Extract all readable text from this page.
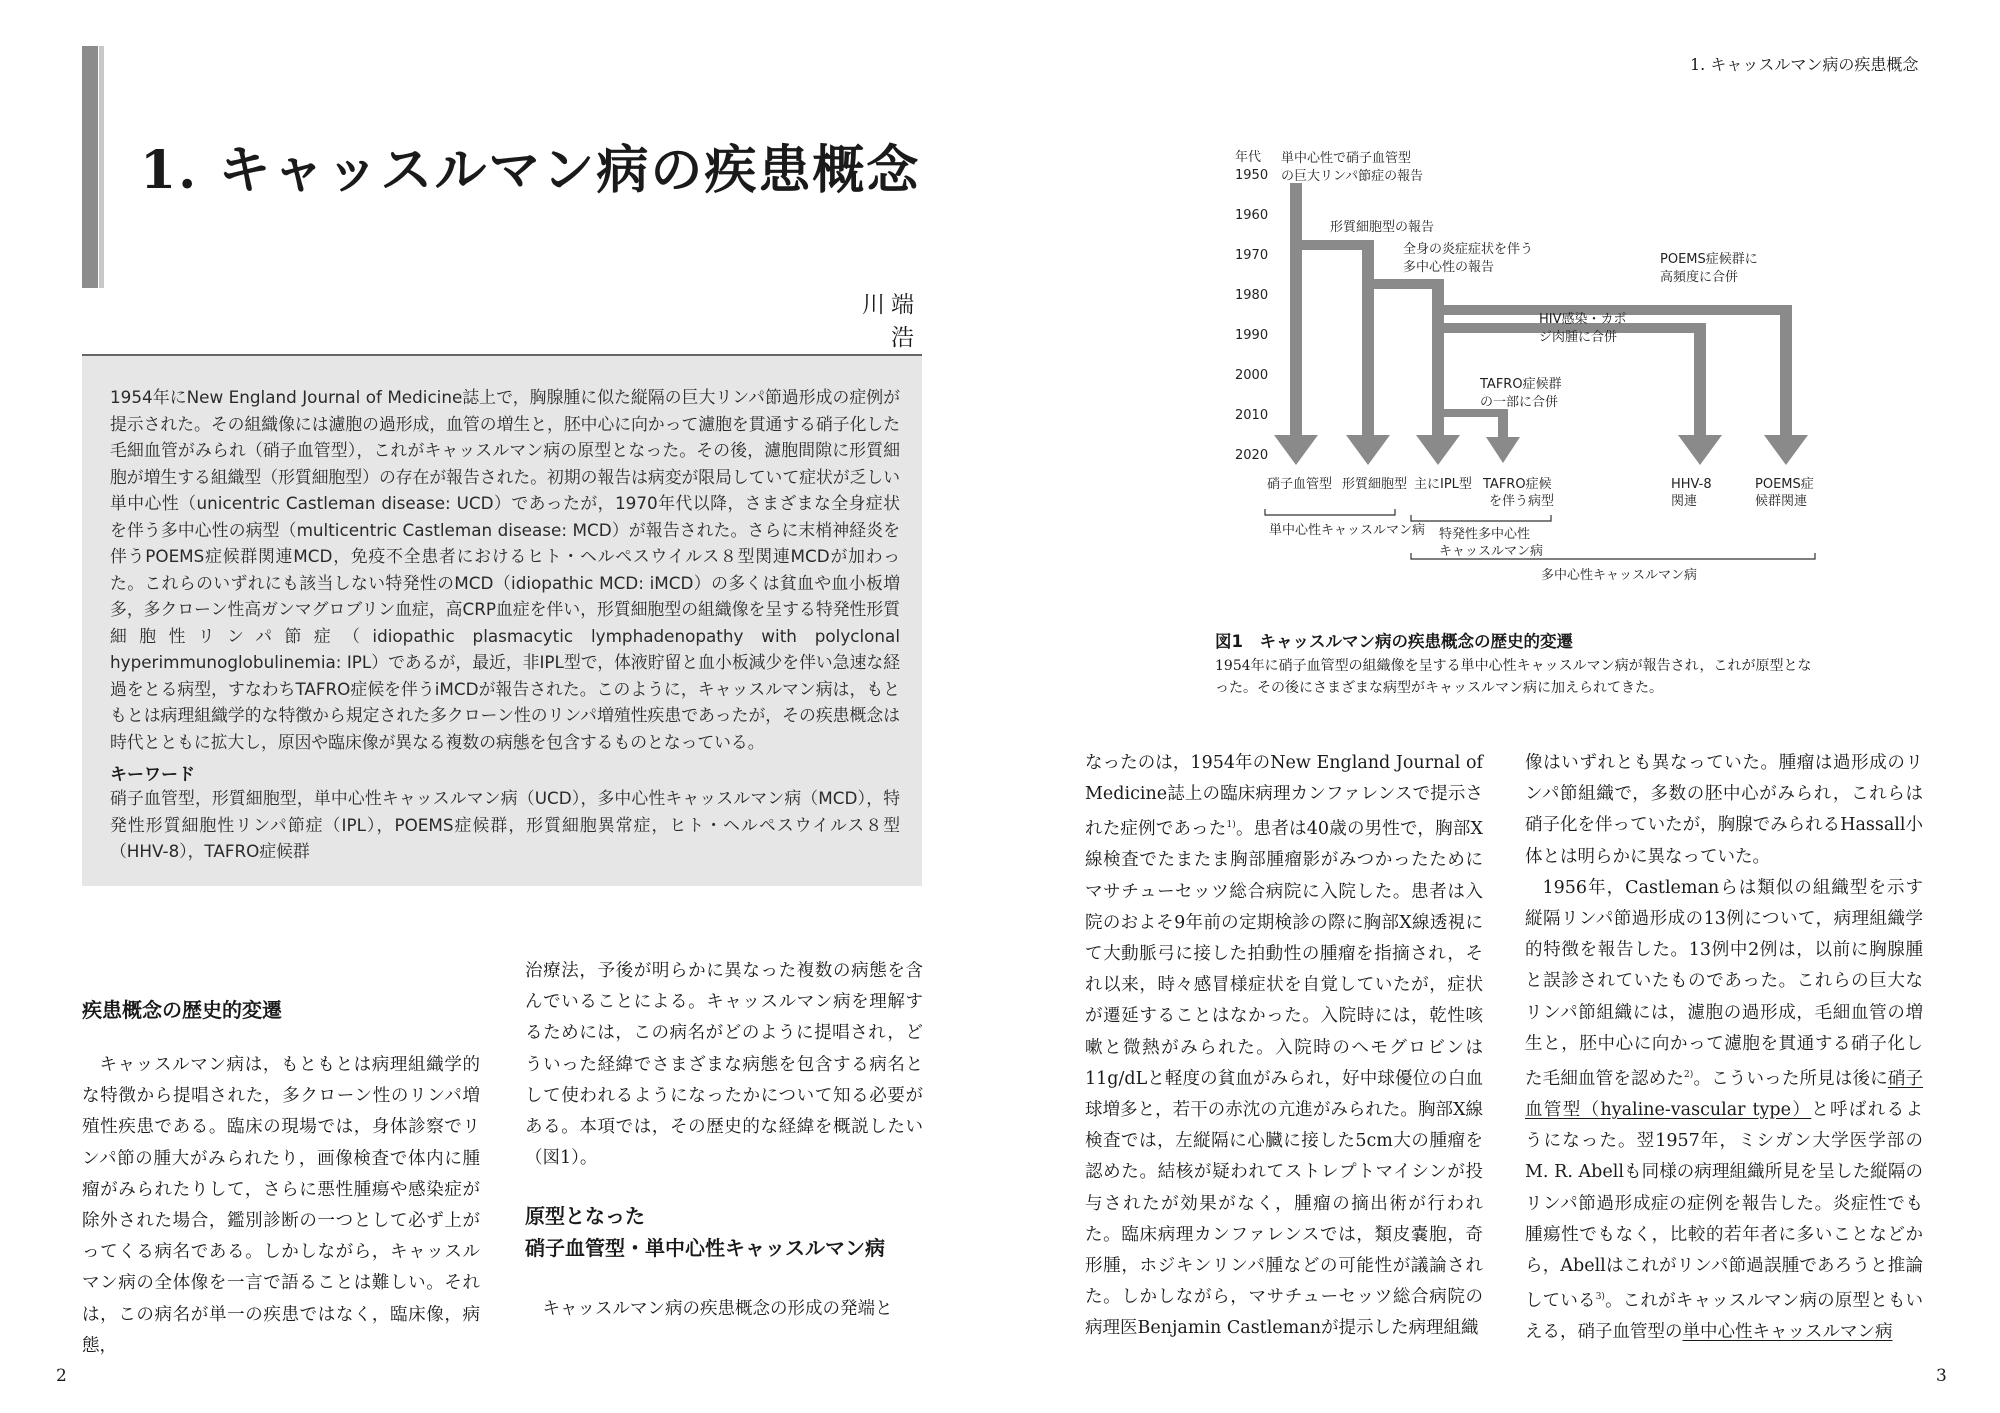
1. キャッスルマン病の疾患概念
川端 浩
1954年にNew England Journal of Medicine誌上で，胸腺腫に似た縦隔の巨大リンパ節過形成の症例が提示された。その組織像には濾胞の過形成，血管の増生と，胚中心に向かって濾胞を貫通する硝子化した毛細血管がみられ（硝子血管型），これがキャッスルマン病の原型となった。その後，濾胞間隙に形質細胞が増生する組織型（形質細胞型）の存在が報告された。初期の報告は病変が限局していて症状が乏しい単中心性（unicentric Castleman disease: UCD）であったが，1970年代以降，さまざまな全身症状を伴う多中心性の病型（multicentric Castleman disease: MCD）が報告された。さらに末梢神経炎を伴うPOEMS症候群関連MCD，免疫不全患者におけるヒト・ヘルペスウイルス８型関連MCDが加わった。これらのいずれにも該当しない特発性のMCD（idiopathic MCD: iMCD）の多くは貧血や血小板増多，多クローン性高ガンマグロブリン血症，高CRP血症を伴い，形質細胞型の組織像を呈する特発性形質細胞性リンパ節症（idiopathic plasmacytic lymphadenopathy with polyclonal hyperimmunoglobulinemia: IPL）であるが，最近，非IPL型で，体液貯留と血小板減少を伴い急速な経過をとる病型，すなわちTAFRO症候を伴うiMCDが報告された。このように，キャッスルマン病は，もともとは病理組織学的な特徴から規定された多クローン性のリンパ増殖性疾患であったが，その疾患概念は時代とともに拡大し，原因や臨床像が異なる複数の病態を包含するものとなっている。
キーワード
硝子血管型，形質細胞型，単中心性キャッスルマン病（UCD），多中心性キャッスルマン病（MCD），特発性形質細胞性リンパ節症（IPL），POEMS症候群，形質細胞異常症，ヒト・ヘルペスウイルス８型（HHV-8），TAFRO症候群
疾患概念の歴史的変遷
キャッスルマン病は，もともとは病理組織学的な特徴から提唱された，多クローン性のリンパ増殖性疾患である。臨床の現場では，身体診察でリンパ節の腫大がみられたり，画像検査で体内に腫瘤がみられたりして，さらに悪性腫瘍や感染症が除外された場合，鑑別診断の一つとして必ず上がってくる病名である。しかしながら，キャッスルマン病の全体像を一言で語ることは難しい。それは，この病名が単一の疾患ではなく，臨床像，病態，
治療法，予後が明らかに異なった複数の病態を含んでいることによる。キャッスルマン病を理解するためには，この病名がどのように提唱され，どういった経緯でさまざまな病態を包含する病名として使われるようになったかについて知る必要がある。本項では，その歴史的な経緯を概説したい（図1）。
原型となった
硝子血管型・単中心性キャッスルマン病
キャッスルマン病の疾患概念の形成の発端と
2
1. キャッスルマン病の疾患概念
年代
1950
1960
1970
1980
1990
2000
2010
2020
単中心性で硝子血管型
の巨大リンパ節症の報告
形質細胞型の報告
全身の炎症症状を伴う
多中心性の報告
POEMS症候群に
高頻度に合併
HIV感染・カポ
ジ肉腫に合併
TAFRO症候群
の一部に合併
硝子血管型 形質細胞型 主にIPL型 TAFRO症候
を伴う病型
HHV-8
関連
POEMS症
候群関連
単中心性キャッスルマン病 特発性多中心性
キャッスルマン病
多中心性キャッスルマン病
図1　キャッスルマン病の疾患概念の歴史的変遷
1954年に硝子血管型の組織像を呈する単中心性キャッスルマン病が報告され，これが原型となった。その後にさまざまな病型がキャッスルマン病に加えられてきた。
なったのは，1954年のNew England Journal of Medicine誌上の臨床病理カンファレンスで提示された症例であった$^{1)}$。患者は40歳の男性で，胸部X線検査でたまたま胸部腫瘤影がみつかったためにマサチューセッツ総合病院に入院した。患者は入院のおよそ9年前の定期検診の際に胸部X線透視にて大動脈弓に接した拍動性の腫瘤を指摘され，それ以来，時々感冒様症状を自覚していたが，症状が遷延することはなかった。入院時には，乾性咳嗽と微熱がみられた。入院時のヘモグロビンは11g/dLと軽度の貧血がみられ，好中球優位の白血球増多と，若干の赤沈の亢進がみられた。胸部X線検査では，左縦隔に心臓に接した5cm大の腫瘤を認めた。結核が疑われてストレプトマイシンが投与されたが効果がなく，腫瘤の摘出術が行われた。臨床病理カンファレンスでは，類皮嚢胞，奇形腫，ホジキンリンパ腫などの可能性が議論された。しかしながら，マサチューセッツ総合病院の病理医Benjamin Castlemanが提示した病理組織
像はいずれとも異なっていた。腫瘤は過形成のリンパ節組織で，多数の胚中心がみられ，これらは硝子化を伴っていたが，胸腺でみられるHassall小体とは明らかに異なっていた。
1956年，Castlemanらは類似の組織型を示す縦隔リンパ節過形成の13例について，病理組織学的特徴を報告した。13例中2例は，以前に胸腺腫と誤診されていたものであった。これらの巨大なリンパ節組織には，濾胞の過形成，毛細血管の増生と，胚中心に向かって濾胞を貫通する硝子化した毛細血管を認めた$^{2)}$。こういった所見は後に硝子血管型（hyaline-vascular type）と呼ばれるようになった。翌1957年，ミシガン大学医学部のM. R. Abellも同様の病理組織所見を呈した縦隔のリンパ節過形成症の症例を報告した。炎症性でも腫瘍性でもなく，比較的若年者に多いことなどから，Abellはこれがリンパ節過誤腫であろうと推論している$^{3)}$。これがキャッスルマン病の原型ともいえる，硝子血管型の単中心性キャッスルマン病
3
